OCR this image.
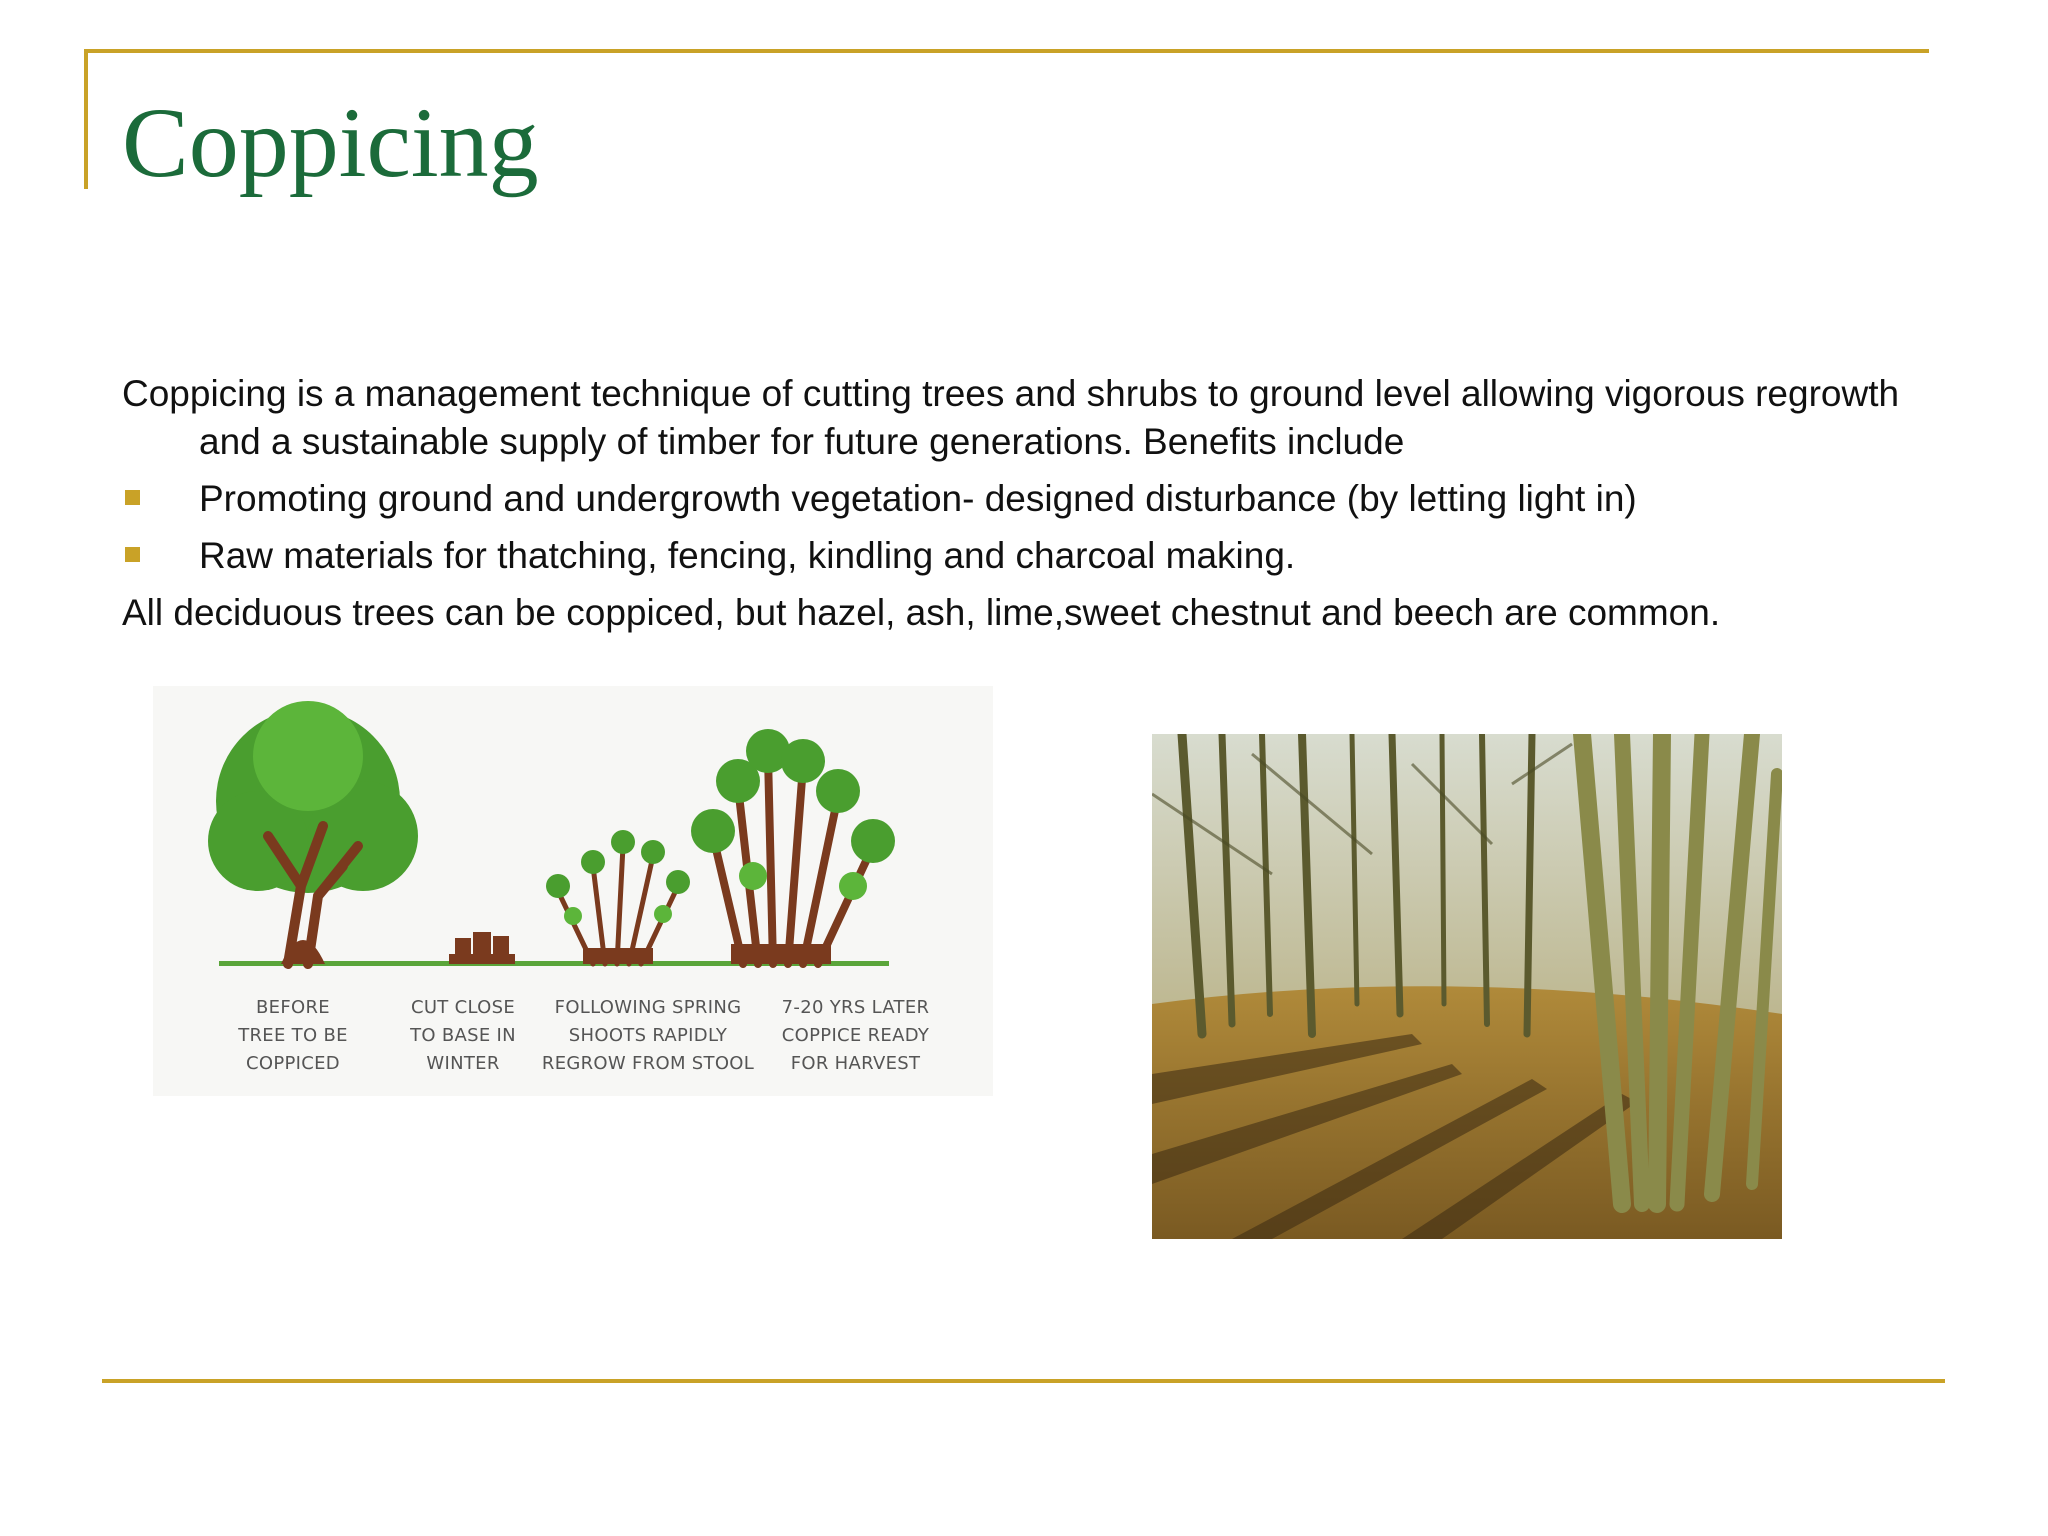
Coppicing

Coppicing is a management technique of cutting trees and shrubs to ground level allowing vigorous regrowth and a sustainable supply of timber for future generations. Benefits include

Promoting ground and undergrowth vegetation- designed disturbance (by letting light in)
Raw materials for thatching, fencing, kindling and charcoal making.

All deciduous trees can be coppiced, but hazel, ash, lime,sweet chestnut and beech are common.

BEFORE
TREE TO BE
COPPICED
CUT CLOSE
TO BASE IN
WINTER
FOLLOWING SPRING
SHOOTS RAPIDLY
REGROW FROM STOOL
7-20 YRS LATER
COPPICE READY
FOR HARVEST
